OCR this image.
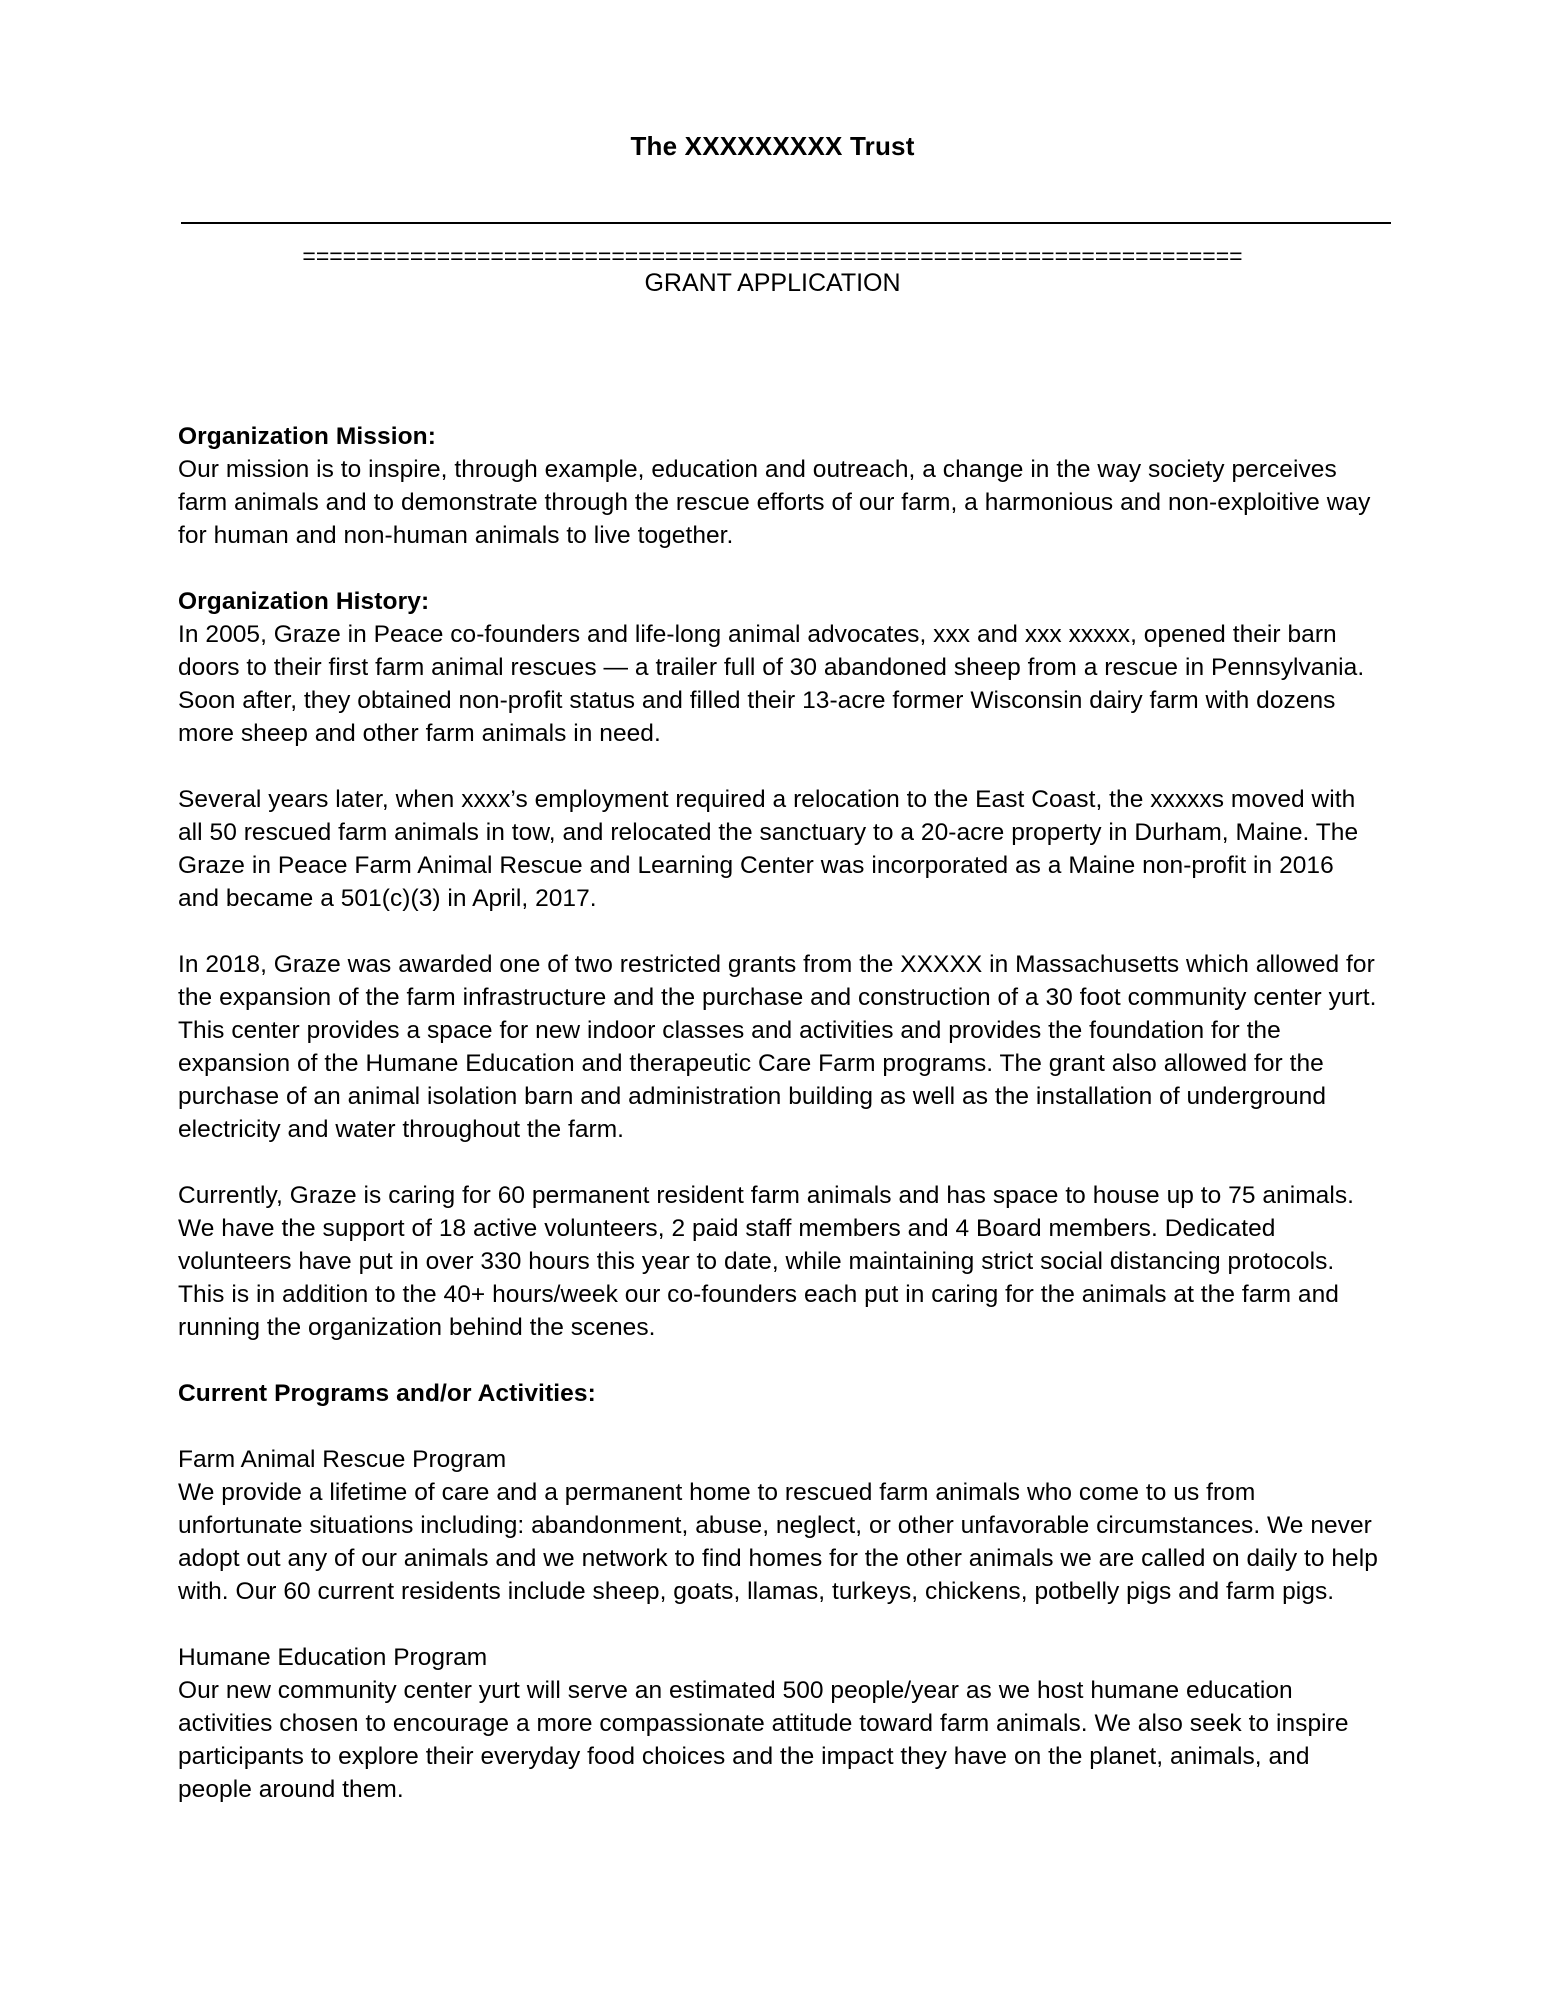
The XXXXXXXXX Trust
======================================================================
GRANT APPLICATION

Organization Mission:

Our mission is to inspire, through example, education and outreach, a change in the way society perceives farm animals and to demonstrate through the rescue efforts of our farm, a harmonious and non-exploitive way for human and non-human animals to live together.

Organization History:

In 2005, Graze in Peace co-founders and life-long animal advocates, xxx and xxx xxxxx, opened their barn doors to their first farm animal rescues — a trailer full of 30 abandoned sheep from a rescue in Pennsylvania. Soon after, they obtained non-profit status and filled their 13-acre former Wisconsin dairy farm with dozens more sheep and other farm animals in need.

Several years later, when xxxx’s employment required a relocation to the East Coast, the xxxxxs moved with all 50 rescued farm animals in tow, and relocated the sanctuary to a 20-acre property in Durham, Maine. The Graze in Peace Farm Animal Rescue and Learning Center was incorporated as a Maine non-profit in 2016 and became a 501(c)(3) in April, 2017.

In 2018, Graze was awarded one of two restricted grants from the XXXXX in Massachusetts which allowed for the expansion of the farm infrastructure and the purchase and construction of a 30 foot community center yurt. This center provides a space for new indoor classes and activities and provides the foundation for the expansion of the Humane Education and therapeutic Care Farm programs. The grant also allowed for the purchase of an animal isolation barn and administration building as well as the installation of underground electricity and water throughout the farm.

Currently, Graze is caring for 60 permanent resident farm animals and has space to house up to 75 animals. We have the support of 18 active volunteers, 2 paid staff members and 4 Board members. Dedicated volunteers have put in over 330 hours this year to date, while maintaining strict social distancing protocols. This is in addition to the 40+ hours/week our co-founders each put in caring for the animals at the farm and running the organization behind the scenes.

Current Programs and/or Activities:

Farm Animal Rescue Program

We provide a lifetime of care and a permanent home to rescued farm animals who come to us from unfortunate situations including: abandonment, abuse, neglect, or other unfavorable circumstances. We never adopt out any of our animals and we network to find homes for the other animals we are called on daily to help with. Our 60 current residents include sheep, goats, llamas, turkeys, chickens, potbelly pigs and farm pigs.

Humane Education Program

Our new community center yurt will serve an estimated 500 people/year as we host humane education activities chosen to encourage a more compassionate attitude toward farm animals. We also seek to inspire participants to explore their everyday food choices and the impact they have on the planet, animals, and people around them.
